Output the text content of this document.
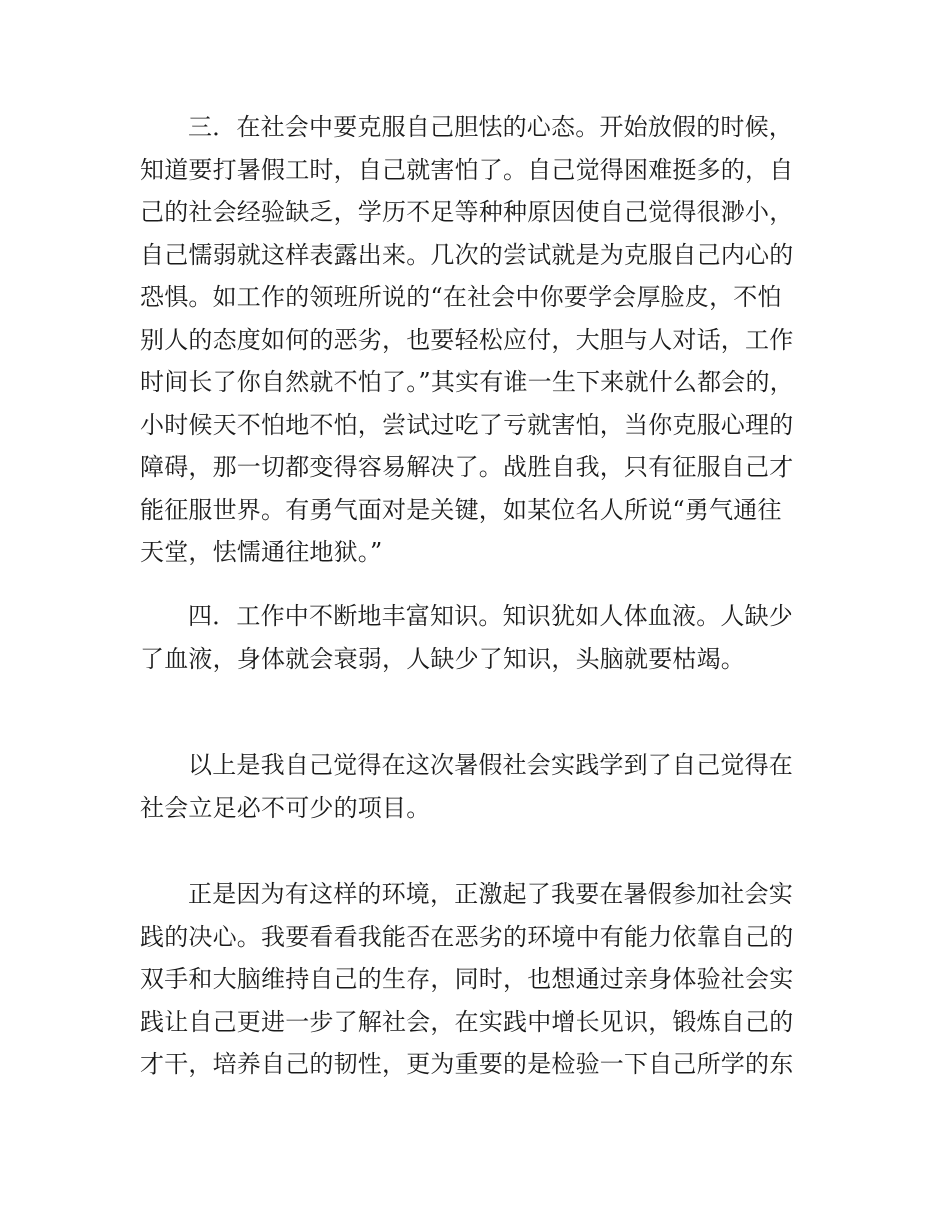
三．在社会中要克服自己胆怯的心态。开始放假的时候，
知道要打暑假工时，自己就害怕了。自己觉得困难挺多的，自
己的社会经验缺乏，学历不足等种种原因使自己觉得很渺小，
自己懦弱就这样表露出来。几次的尝试就是为克服自己内心的
恐惧。如工作的领班所说的“在社会中你要学会厚脸皮，不怕
别人的态度如何的恶劣，也要轻松应付，大胆与人对话，工作
时间长了你自然就不怕了。”其实有谁一生下来就什么都会的，
小时候天不怕地不怕，尝试过吃了亏就害怕，当你克服心理的
障碍，那一切都变得容易解决了。战胜自我，只有征服自己才
能征服世界。有勇气面对是关键，如某位名人所说“勇气通往
天堂，怯懦通往地狱。”
四．工作中不断地丰富知识。知识犹如人体血液。人缺少
了血液，身体就会衰弱，人缺少了知识，头脑就要枯竭。
以上是我自己觉得在这次暑假社会实践学到了自己觉得在
社会立足必不可少的项目。
正是因为有这样的环境，正激起了我要在暑假参加社会实
践的决心。我要看看我能否在恶劣的环境中有能力依靠自己的
双手和大脑维持自己的生存，同时，也想通过亲身体验社会实
践让自己更进一步了解社会，在实践中增长见识，锻炼自己的
才干，培养自己的韧性，更为重要的是检验一下自己所学的东
